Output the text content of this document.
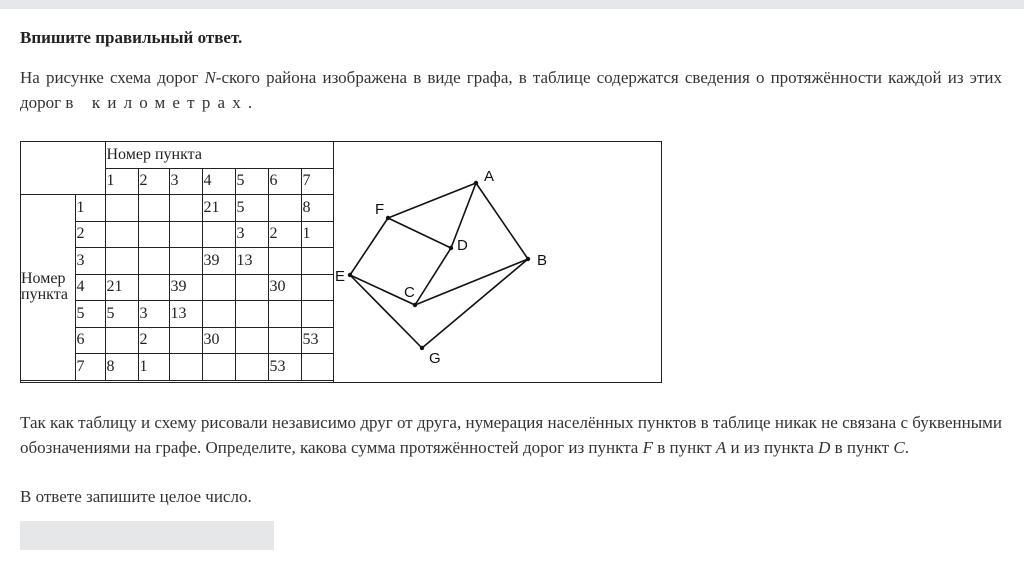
Впишите правильный ответ.
На рисунке схема дорог N-ского района изображена в виде графа, в таблице содержатся сведения о протяжённости каждой из этих дорог в километрах.
		Номер пункта						
		1	2	3	4	5	6	7
Номер пункта	1				21	5		8
	2					3	2	1
	3				39	13		
	4	21		39			30	
	5	5	3	13				
	6		2		30			53
	7	8	1				53	
A
B
C
D
E
F
G
Так как таблицу и схему рисовали независимо друг от друга, нумерация населённых пунктов в таблице никак не связана с буквенными обозначениями на графе. Определите, какова сумма протяжённостей дорог из пункта F в пункт A и из пункта D в пункт C.
В ответе запишите целое число.
